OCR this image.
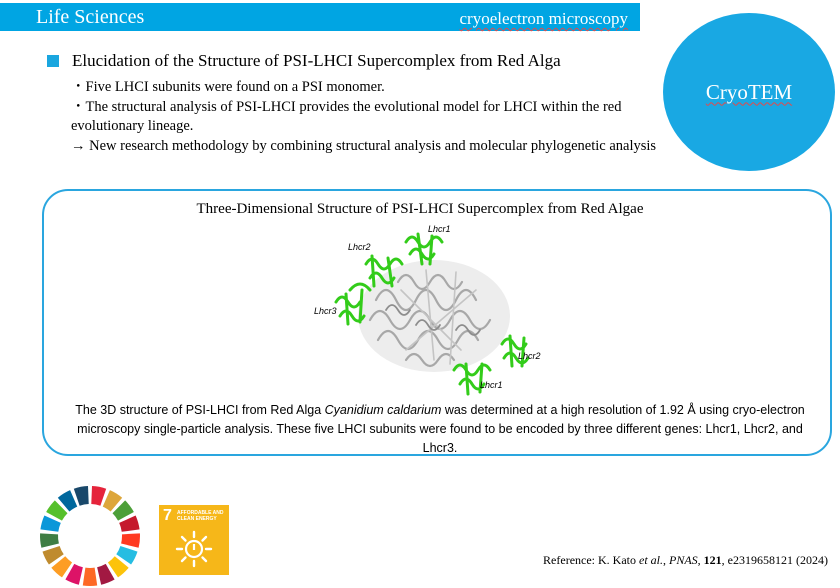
Life Sciences	cryoelectron microscopy
CryoTEM
Elucidation of the Structure of PSI-LHCI Supercomplex from Red Alga
・Five LHCI subunits were found on a PSI monomer.
・The structural analysis of PSI-LHCI provides the evolutional model for LHCI within the red evolutionary lineage.
→ New research methodology by combining structural analysis and molecular phylogenetic analysis
Three-Dimensional Structure of PSI-LHCI Supercomplex from Red Algae
Lhcr1
Lhcr2
Lhcr3
Lhcr2
Lhcr1
The 3D structure of PSI-LHCI from Red Alga Cyanidium caldarium was determined at a high resolution of 1.92 Å using cryo-electron microscopy single-particle analysis. These five LHCI subunits were found to be encoded by three different genes: Lhcr1, Lhcr2, and Lhcr3.
7 AFFORDABLE AND CLEAN ENERGY
Reference: K. Kato et al., PNAS, 121, e2319658121 (2024)
